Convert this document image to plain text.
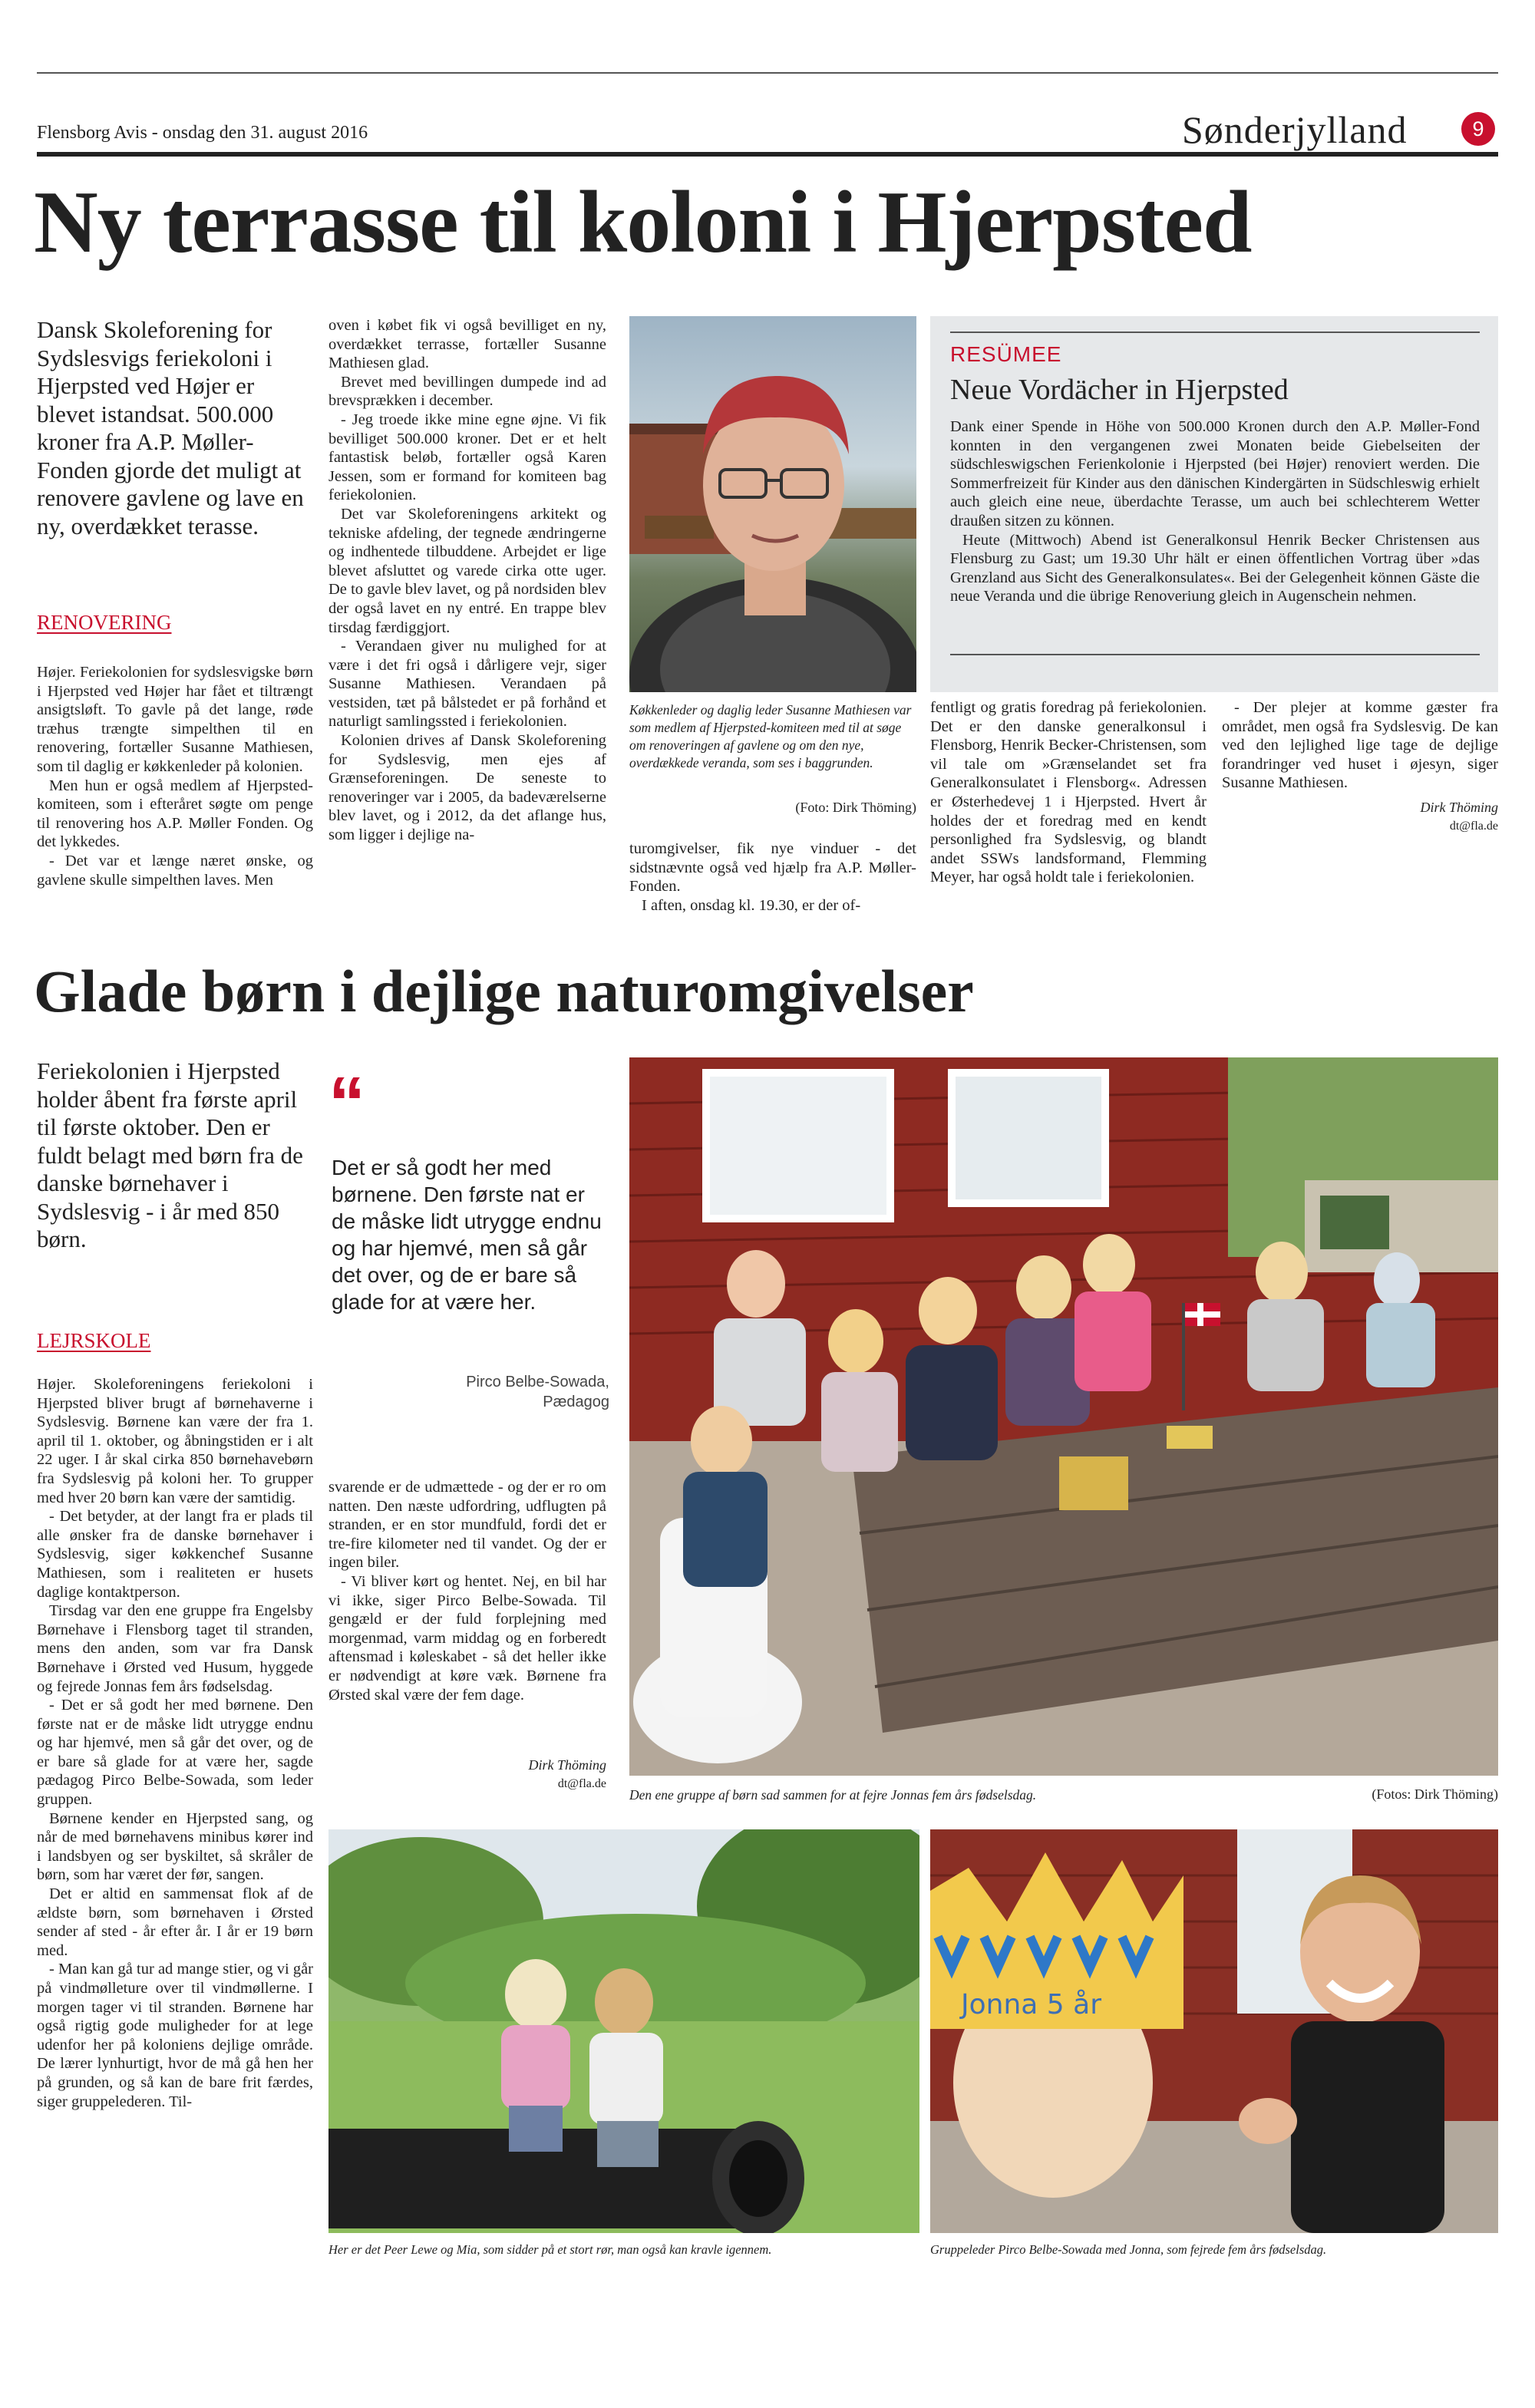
Flensborg Avis - onsdag den 31. august 2016	Sønderjylland	9
Ny terrasse til koloni i Hjerpsted
Dansk Skoleforening for Sydslesvigs feriekoloni i Hjerpsted ved Højer er blevet istandsat. 500.000 kroner fra A.P. Møller-Fonden gjorde det muligt at renovere gavlene og lave en ny, overdækket terasse.
RENOVERING

Højer. Feriekolonien for sydslesvigske børn i Hjerpsted ved Højer har fået et tiltrængt ansigtsløft. To gavle på det lange, røde træhus trængte simpelthen til en renovering, fortæller Susanne Mathiesen, som til daglig er køkkenleder på kolonien.

Men hun er også medlem af Hjerpsted-komiteen, som i efteråret søgte om penge til renovering hos A.P. Møller Fonden. Og det lykkedes.

- Det var et længe næret ønske, og gavlene skulle simpelthen laves. Men

oven i købet fik vi også bevilliget en ny, overdækket terrasse, fortæller Susanne Mathiesen glad.

Brevet med bevillingen dumpede ind ad brevsprækken i december.

- Jeg troede ikke mine egne øjne. Vi fik bevilliget 500.000 kroner. Det er et helt fantastisk beløb, fortæller også Karen Jessen, som er formand for komiteen bag feriekolonien.

Det var Skoleforeningens arkitekt og tekniske afdeling, der tegnede ændringerne og indhentede tilbuddene. Arbejdet er lige blevet afsluttet og varede cirka otte uger. De to gavle blev lavet, og på nordsiden blev der også lavet en ny entré. En trappe blev tirsdag færdiggjort.

- Verandaen giver nu mulighed for at være i det fri også i dårligere vejr, siger Susanne Mathiesen. Verandaen på vestsiden, tæt på bålstedet er på forhånd et naturligt samlingssted i feriekolonien.

Kolonien drives af Dansk Skoleforening for Sydslesvig, men ejes af Grænseforeningen. De seneste to renoveringer var i 2005, da badeværelserne blev lavet, og i 2012, da det aflange hus, som ligger i dejlige na-

Køkkenleder og daglig leder Susanne Mathiesen var som medlem af Hjerpsted-komiteen med til at søge om renoveringen af gavlene og om den nye, overdækkede veranda, som ses i baggrunden.
(Foto: Dirk Thöming)

turomgivelser, fik nye vinduer - det sidstnævnte også ved hjælp fra A.P. Møller-Fonden.

I aften, onsdag kl. 19.30, er der of-

RESÜMEE
Neue Vordächer in Hjerpsted

Dank einer Spende in Höhe von 500.000 Kronen durch den A.P. Møller-Fond konnten in den vergangenen zwei Monaten beide Giebelseiten der südschleswigschen Ferienkolonie i Hjerpsted (bei Højer) renoviert werden. Die Sommerfreizeit für Kinder aus den dänischen Kindergärten in Südschleswig erhielt auch gleich eine neue, überdachte Terasse, um auch bei schlechterem Wetter draußen sitzen zu können.

Heute (Mittwoch) Abend ist Generalkonsul Henrik Becker Christensen aus Flensburg zu Gast; um 19.30 Uhr hält er einen öffentlichen Vortrag über »das Grenzland aus Sicht des Generalkonsulates«. Bei der Gelegenheit können Gäste die neue Veranda und die übrige Renoveriung gleich in Augenschein nehmen.

fentligt og gratis foredrag på feriekolonien. Det er den danske generalkonsul i Flensborg, Henrik Becker-Christensen, som vil tale om »Grænselandet set fra Generalkonsulatet i Flensborg«. Adressen er Østerhedevej 1 i Hjerpsted. Hvert år holdes der et foredrag med en kendt personlighed fra Sydslesvig, og blandt andet SSWs landsformand, Flemming Meyer, har også holdt tale i feriekolonien.

- Der plejer at komme gæster fra området, men også fra Sydslesvig. De kan ved den lejlighed lige tage de dejlige forandringer ved huset i øjesyn, siger Susanne Mathiesen.

Dirk Thöming
dt@fla.de
Glade børn i dejlige naturomgivelser
Feriekolonien i Hjerpsted holder åbent fra første april til første oktober. Den er fuldt belagt med børn fra de danske børnehaver i Sydslesvig - i år med 850 børn.
LEJRSKOLE

Højer. Skoleforeningens feriekoloni i Hjerpsted bliver brugt af børnehaverne i Sydslesvig. Børnene kan være der fra 1. april til 1. oktober, og åbningstiden er i alt 22 uger. I år skal cirka 850 børnehavebørn fra Sydslesvig på koloni her. To grupper med hver 20 børn kan være der samtidig.

- Det betyder, at der langt fra er plads til alle ønsker fra de danske børnehaver i Sydslesvig, siger køkkenchef Susanne Mathiesen, som i realiteten er husets daglige kontaktperson.

Tirsdag var den ene gruppe fra Engelsby Børnehave i Flensborg taget til stranden, mens den anden, som var fra Dansk Børnehave i Ørsted ved Husum, hyggede og fejrede Jonnas fem års fødselsdag.

- Det er så godt her med børnene. Den første nat er de måske lidt utrygge endnu og har hjemvé, men så går det over, og de er bare så glade for at være her, sagde pædagog Pirco Belbe-Sowada, som leder gruppen.

Børnene kender en Hjerpsted sang, og når de med børnehavens minibus kører ind i landsbyen og ser byskiltet, så skråler de børn, som har været der før, sangen.

Det er altid en sammensat flok af de ældste børn, som børnehaven i Ørsted sender af sted - år efter år. I år er 19 børn med.

- Man kan gå tur ad mange stier, og vi går på vindmølleture over til vindmøllerne. I morgen tager vi til stranden. Børnene har også rigtig gode muligheder for at lege udenfor her på koloniens dejlige område. De lærer lynhurtigt, hvor de må gå hen her på grunden, og så kan de bare frit færdes, siger gruppelederen. Til-

“
Det er så godt her med børnene. Den første nat er de måske lidt utrygge endnu og har hjemvé, men så går det over, og de er bare så glade for at være her.
Pirco Belbe-Sowada,
Pædagog

svarende er de udmættede - og der er ro om natten. Den næste udfordring, udflugten på stranden, er en stor mundfuld, fordi det er tre-fire kilometer ned til vandet. Og der er ingen biler.

- Vi bliver kørt og hentet. Nej, en bil har vi ikke, siger Pirco Belbe-Sowada. Til gengæld er der fuld forplejning med morgenmad, varm middag og en forberedt aftensmad i køleskabet - så det heller ikke er nødvendigt at køre væk. Børnene fra Ørsted skal være der fem dage.

Dirk Thöming
dt@fla.de
Den ene gruppe af børn sad sammen for at fejre Jonnas fem års fødselsdag.	(Fotos: Dirk Thöming)
Her er det Peer Lewe og Mia, som sidder på et stort rør, man også kan kravle igennem.
Jonna 5 år
Gruppeleder Pirco Belbe-Sowada med Jonna, som fejrede fem års fødselsdag.
